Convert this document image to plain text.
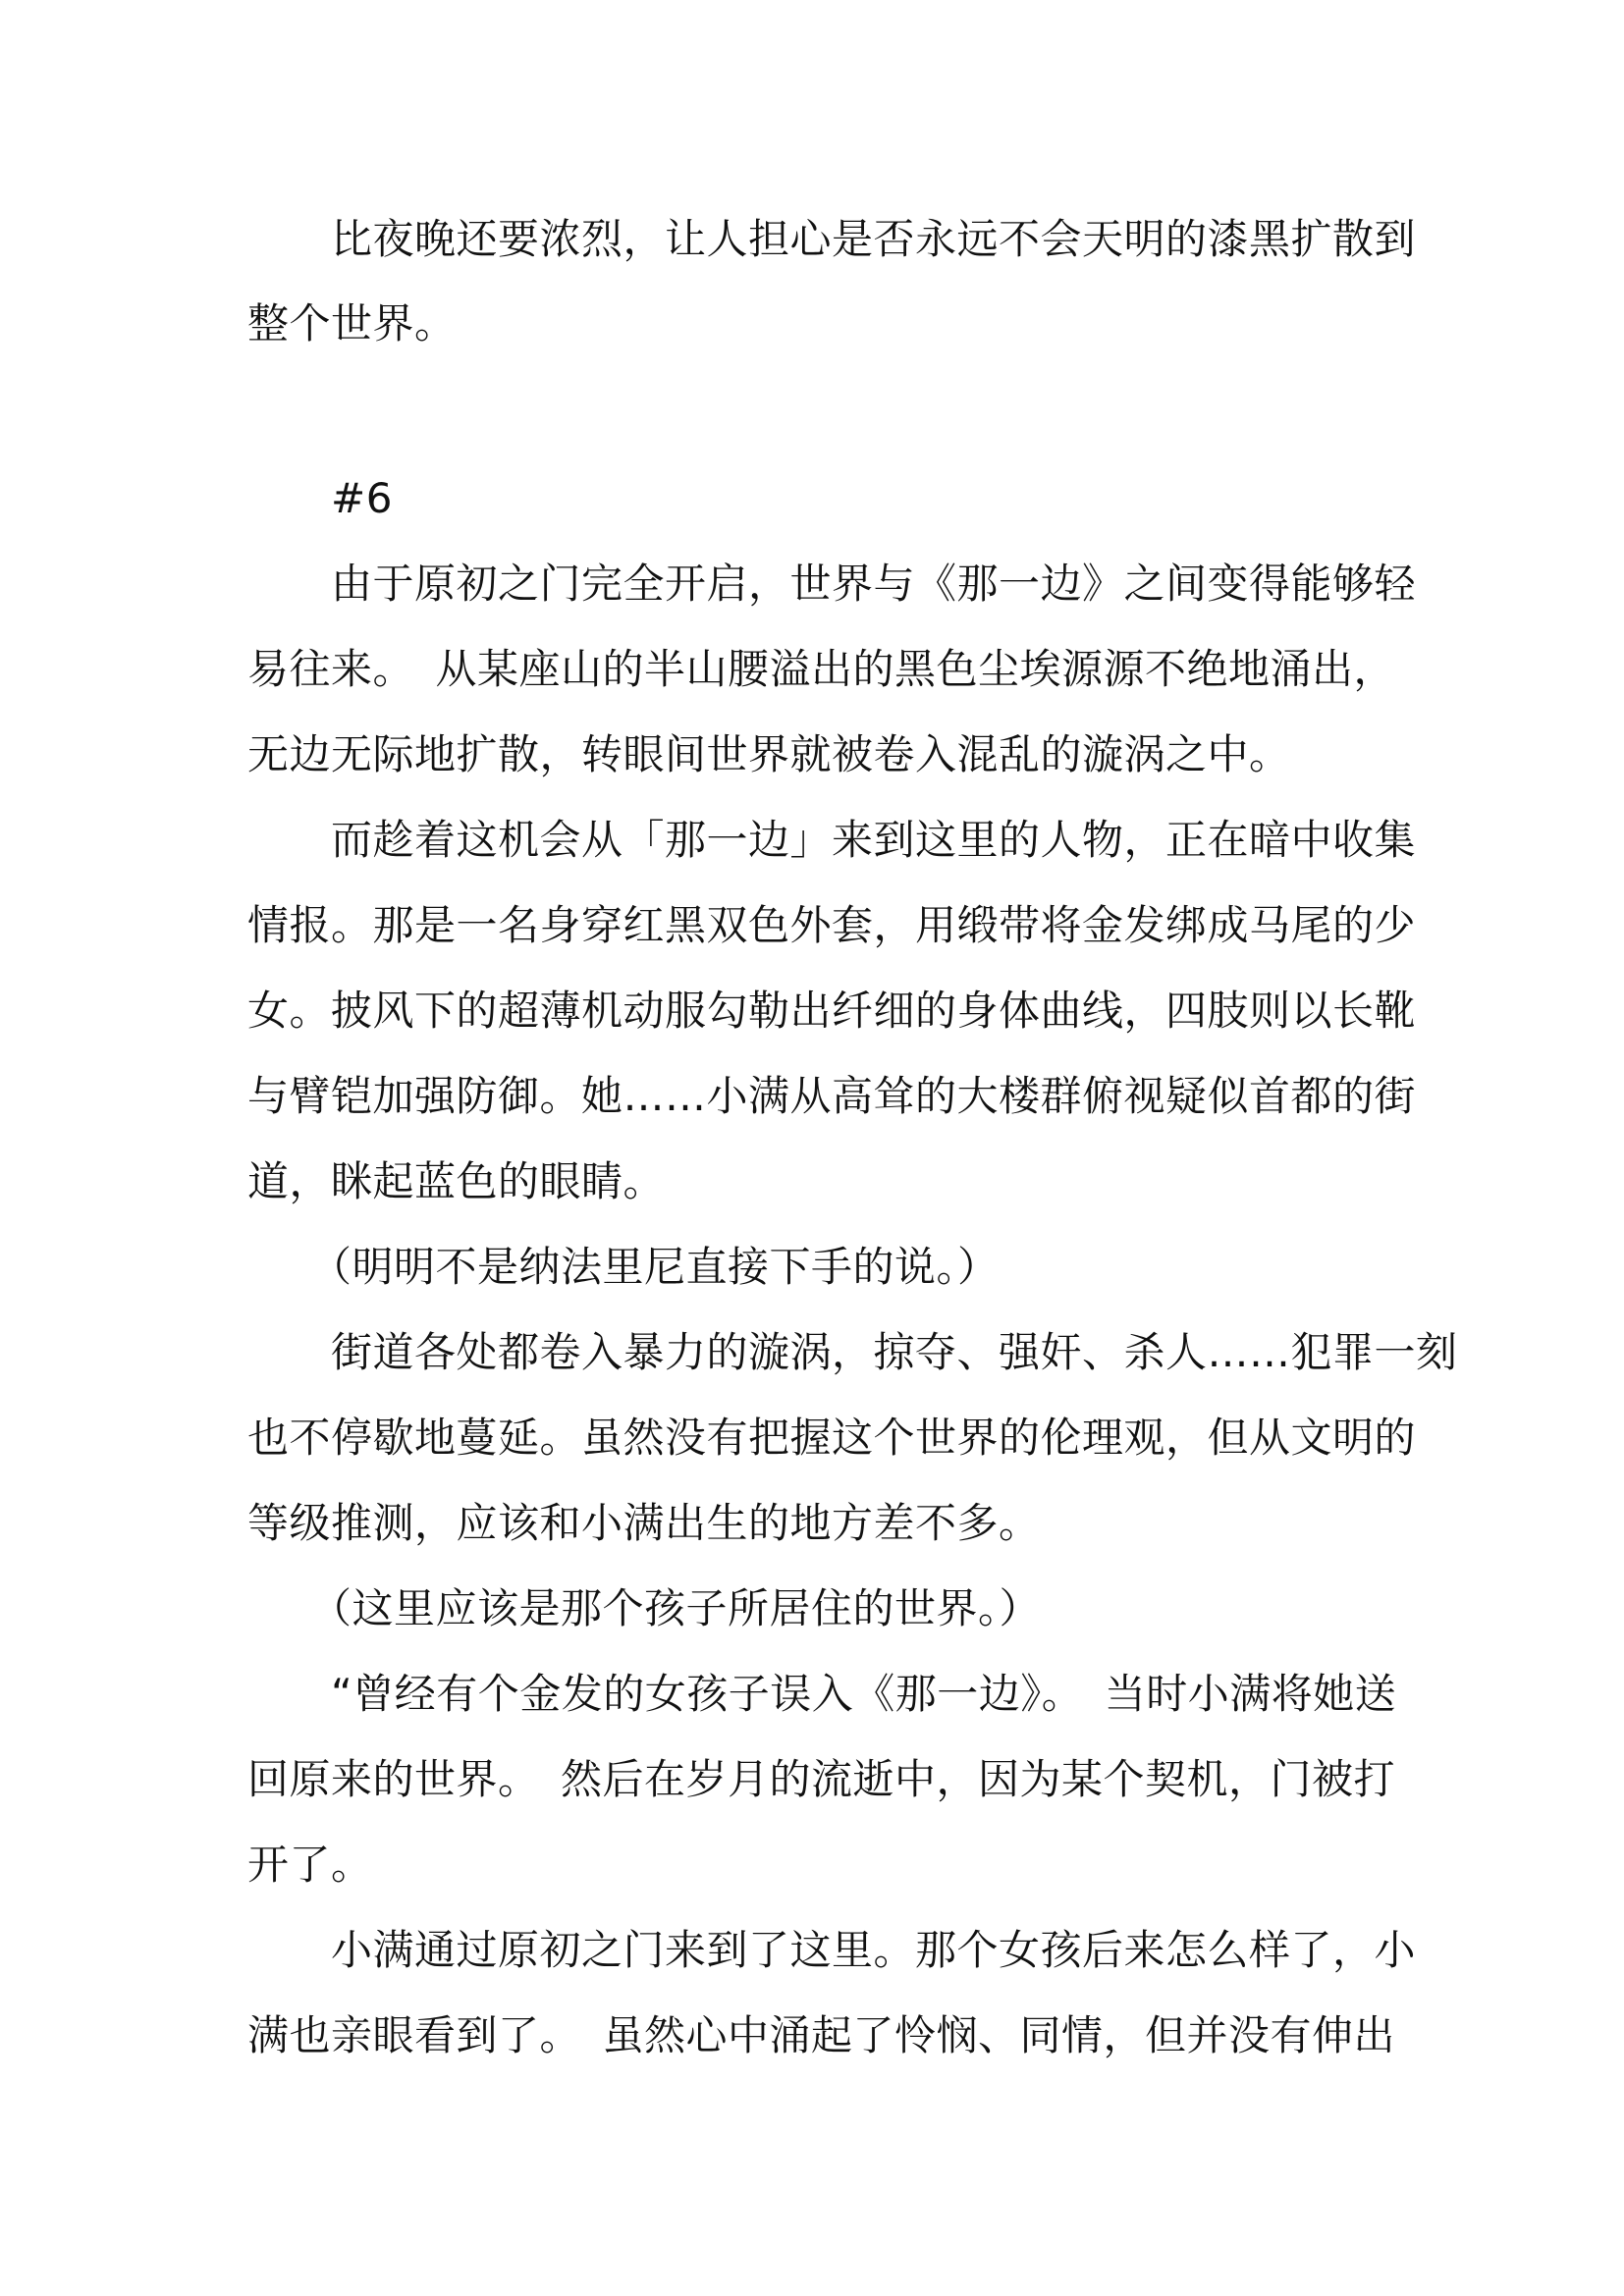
　　比夜晚还要浓烈，让人担心是否永远不会天明的漆黑扩散到
整个世界。
　　#6
　　由于原初之门完全开启，世界与《那一边》之间变得能够轻
易往来。　从某座山的半山腰溢出的黑色尘埃源源不绝地涌出，
无边无际地扩散，转眼间世界就被卷入混乱的漩涡之中。
　　而趁着这机会从「那一边」来到这里的人物，正在暗中收集
情报。那是一名身穿红黑双色外套，用缎带将金发绑成马尾的少
女。披风下的超薄机动服勾勒出纤细的身体曲线，四肢则以长靴
与臂铠加强防御。她……小满从高耸的大楼群俯视疑似首都的街
道，眯起蓝色的眼睛。
　　（明明不是纳法里尼直接下手的说。）
　　街道各处都卷入暴力的漩涡，掠夺、强奸、杀人……犯罪一刻
也不停歇地蔓延。虽然没有把握这个世界的伦理观，但从文明的
等级推测，应该和小满出生的地方差不多。
　　（这里应该是那个孩子所居住的世界。）
　　“曾经有个金发的女孩子误入《那一边》。　当时小满将她送
回原来的世界。　然后在岁月的流逝中，因为某个契机，门被打
开了。
　　小满通过原初之门来到了这里。那个女孩后来怎么样了，小
满也亲眼看到了。　虽然心中涌起了怜悯、同情，但并没有伸出
